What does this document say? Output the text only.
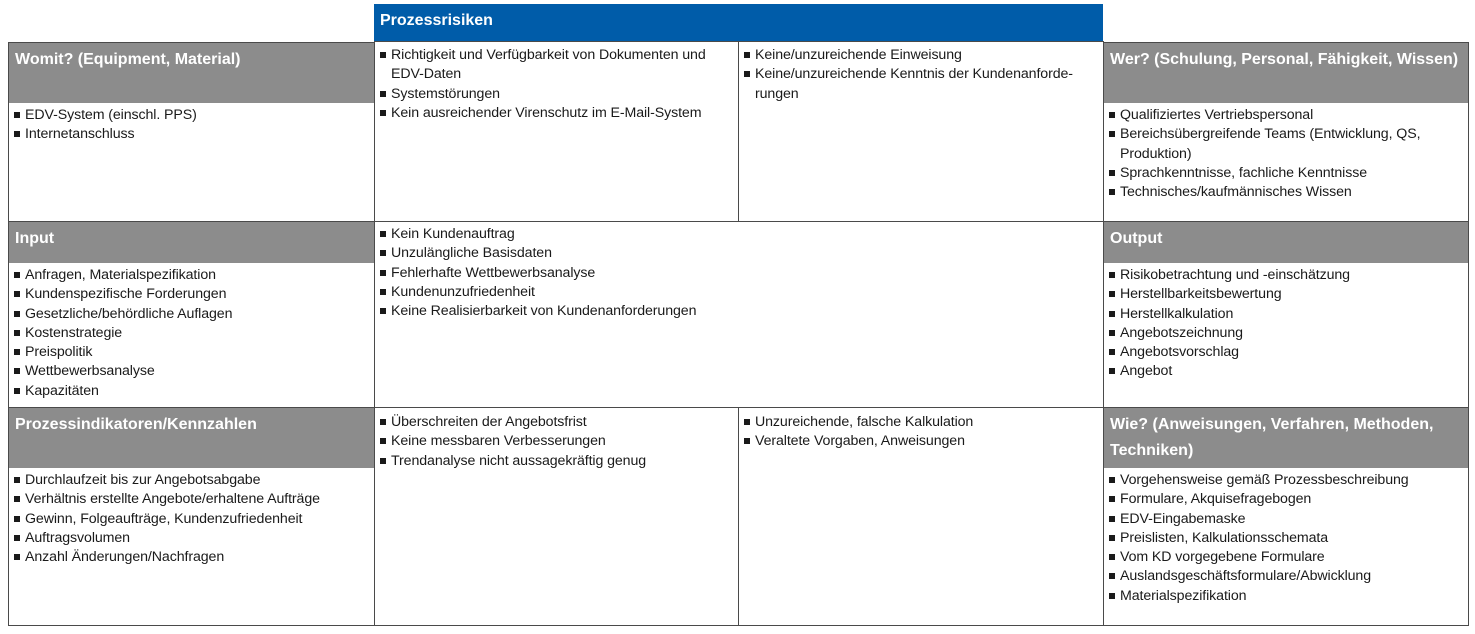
Prozessrisiken
Womit? (Equipment, Material)
EDV-System (einschl. PPS)
Internetanschluss
Richtigkeit und Verfügbarkeit von Dokumenten und EDV-Daten
Systemstörungen
Kein ausreichender Virenschutz im E-Mail-System
Keine/unzureichende Einweisung
Keine/unzureichende Kenntnis der Kundenanforde-rungen
Wer? (Schulung, Personal, Fähigkeit, Wissen)
Qualifiziertes Vertriebspersonal
Bereichsübergreifende Teams (Entwicklung, QS, Produktion)
Sprachkenntnisse, fachliche Kenntnisse
Technisches/kaufmännisches Wissen
Input
Anfragen, Materialspezifikation
Kundenspezifische Forderungen
Gesetzliche/behördliche Auflagen
Kostenstrategie
Preispolitik
Wettbewerbsanalyse
Kapazitäten
Kein Kundenauftrag
Unzulängliche Basisdaten
Fehlerhafte Wettbewerbsanalyse
Kundenunzufriedenheit
Keine Realisierbarkeit von Kundenanforderungen
Output
Risikobetrachtung und -einschätzung
Herstellbarkeitsbewertung
Herstellkalkulation
Angebotszeichnung
Angebotsvorschlag
Angebot
Prozessindikatoren/Kennzahlen
Durchlaufzeit bis zur Angebotsabgabe
Verhältnis erstellte Angebote/erhaltene Aufträge
Gewinn, Folgeaufträge, Kundenzufriedenheit
Auftragsvolumen
Anzahl Änderungen/Nachfragen
Überschreiten der Angebotsfrist
Keine messbaren Verbesserungen
Trendanalyse nicht aussagekräftig genug
Unzureichende, falsche Kalkulation
Veraltete Vorgaben, Anweisungen
Wie? (Anweisungen, Verfahren, Methoden, Techniken)
Vorgehensweise gemäß Prozessbeschreibung
Formulare, Akquisefragebogen
EDV-Eingabemaske
Preislisten, Kalkulationsschemata
Vom KD vorgegebene Formulare
Auslandsgeschäftsformulare/Abwicklung
Materialspezifikation
